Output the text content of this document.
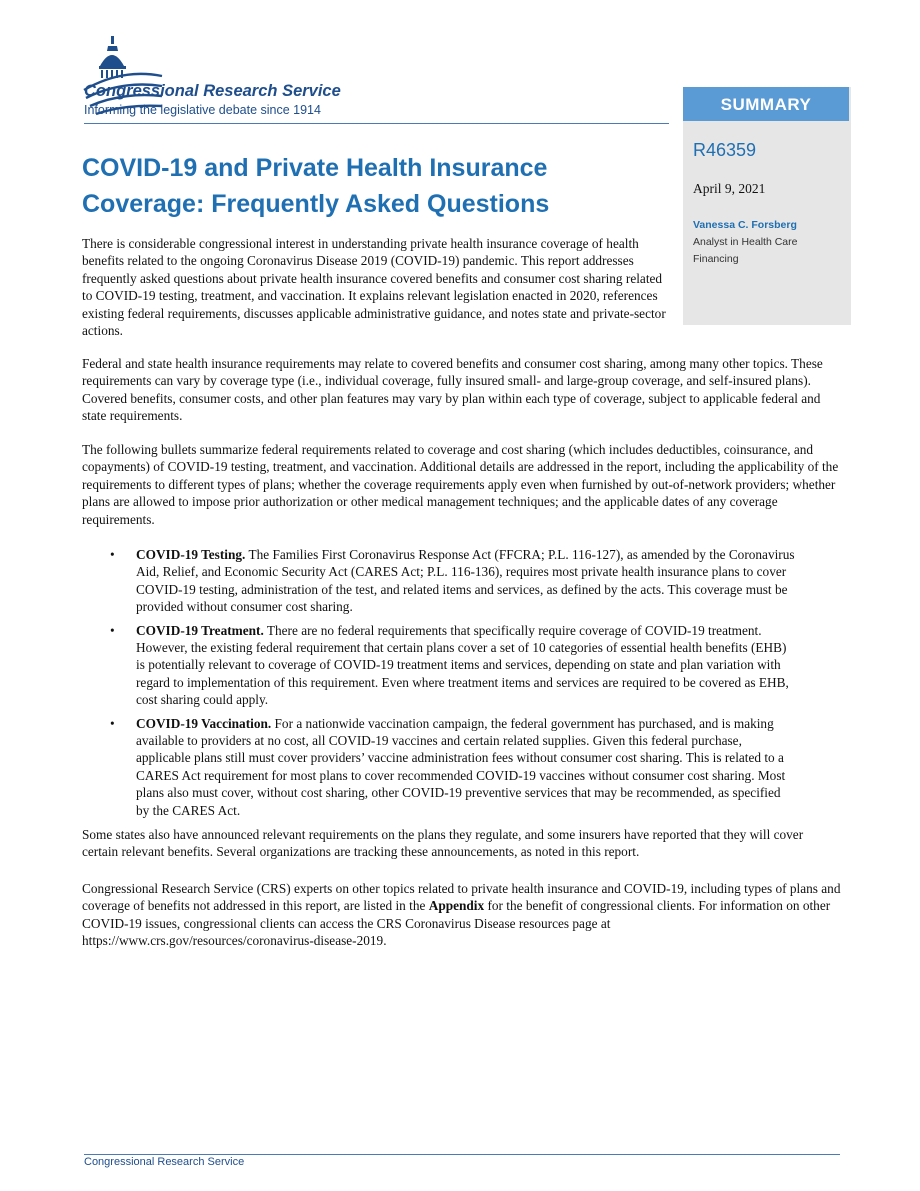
Congressional Research Service
Informing the legislative debate since 1914	SUMMARY
R46359
April 9, 2021
Vanessa C. Forsberg
Analyst in Health Care Financing
COVID-19 and Private Health Insurance Coverage: Frequently Asked Questions

There is considerable congressional interest in understanding private health insurance coverage of health benefits related to the ongoing Coronavirus Disease 2019 (COVID-19) pandemic. This report addresses frequently asked questions about private health insurance covered benefits and consumer cost sharing related to COVID-19 testing, treatment, and vaccination. It explains relevant legislation enacted in 2020, references existing federal requirements, discusses applicable administrative guidance, and notes state and private-sector actions.

Federal and state health insurance requirements may relate to covered benefits and consumer cost sharing, among many other topics. These requirements can vary by coverage type (i.e., individual coverage, fully insured small- and large-group coverage, and self-insured plans). Covered benefits, consumer costs, and other plan features may vary by plan within each type of coverage, subject to applicable federal and state requirements.

The following bullets summarize federal requirements related to coverage and cost sharing (which includes deductibles, coinsurance, and copayments) of COVID-19 testing, treatment, and vaccination. Additional details are addressed in the report, including the applicability of the requirements to different types of plans; whether the coverage requirements apply even when furnished by out-of-network providers; whether plans are allowed to impose prior authorization or other medical management techniques; and the applicable dates of any coverage requirements.

• COVID-19 Testing. The Families First Coronavirus Response Act (FFCRA; P.L. 116-127), as amended by the Coronavirus Aid, Relief, and Economic Security Act (CARES Act; P.L. 116-136), requires most private health insurance plans to cover COVID-19 testing, administration of the test, and related items and services, as defined by the acts. This coverage must be provided without consumer cost sharing.
• COVID-19 Treatment. There are no federal requirements that specifically require coverage of COVID-19 treatment. However, the existing federal requirement that certain plans cover a set of 10 categories of essential health benefits (EHB) is potentially relevant to coverage of COVID-19 treatment items and services, depending on state and plan variation with regard to implementation of this requirement. Even where treatment items and services are required to be covered as EHB, cost sharing could apply.
• COVID-19 Vaccination. For a nationwide vaccination campaign, the federal government has purchased, and is making available to providers at no cost, all COVID-19 vaccines and certain related supplies. Given this federal purchase, applicable plans still must cover providers’ vaccine administration fees without consumer cost sharing. This is related to a CARES Act requirement for most plans to cover recommended COVID-19 vaccines without consumer cost sharing. Most plans also must cover, without cost sharing, other COVID-19 preventive services that may be recommended, as specified by the CARES Act.

Some states also have announced relevant requirements on the plans they regulate, and some insurers have reported that they will cover certain relevant benefits. Several organizations are tracking these announcements, as noted in this report.

Congressional Research Service (CRS) experts on other topics related to private health insurance and COVID-19, including types of plans and coverage of benefits not addressed in this report, are listed in the Appendix for the benefit of congressional clients. For information on other COVID-19 issues, congressional clients can access the CRS Coronavirus Disease resources page at https://www.crs.gov/resources/coronavirus-disease-2019.

Congressional Research Service
